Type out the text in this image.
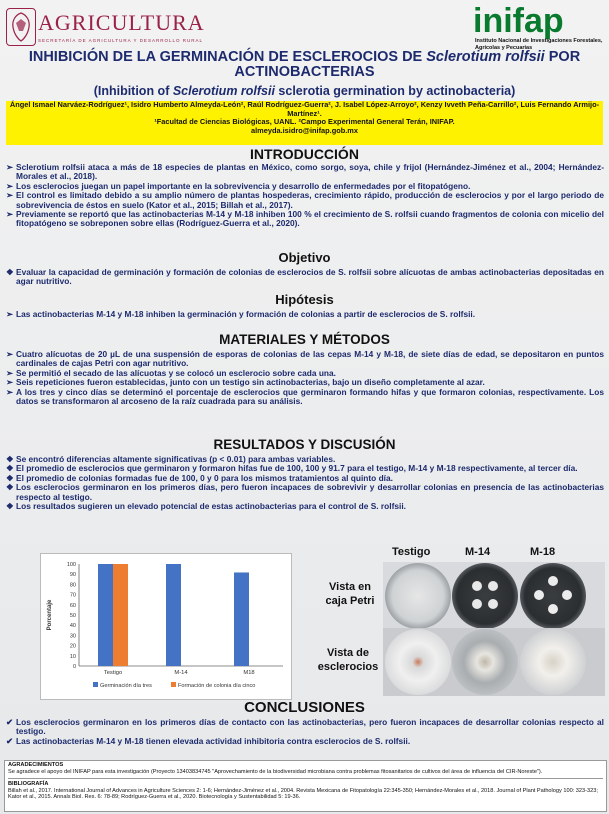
AGRICULTURA
SECRETARÍA DE AGRICULTURA Y DESARROLLO RURAL
inifap
Instituto Nacional de Investigaciones Forestales, Agrícolas y Pecuarias
INHIBICIÓN DE LA GERMINACIÓN DE ESCLEROCIOS DE Sclerotium rolfsii POR ACTINOBACTERIAS
(Inhibition of Sclerotium rolfsii sclerotia germination by actinobacteria)
Ángel Ismael Narváez-Rodríguez¹, Isidro Humberto Almeyda-León², Raúl Rodríguez-Guerra², J. Isabel López-Arroyo², Kenzy Ivveth Peña-Carrillo², Luis Fernando Armijo-Martínez¹.
¹Facultad de Ciencias Biológicas, UANL. ²Campo Experimental General Terán, INIFAP.
almeyda.isidro@inifap.gob.mx
INTRODUCCIÓN
➢ Sclerotium rolfsii ataca a más de 18 especies de plantas en México, como sorgo, soya, chile y frijol (Hernández-Jiménez et al., 2004; Hernández-Morales et al., 2018).
➢ Los esclerocios juegan un papel importante en la sobrevivencia y desarrollo de enfermedades por el fitopatógeno.
➢ El control es limitado debido a su amplio número de plantas hospederas, crecimiento rápido, producción de esclerocios y por el largo periodo de sobrevivencia de éstos en suelo (Kator et al., 2015; Billah et al., 2017).
➢ Previamente se reportó que las actinobacterias M-14 y M-18 inhiben 100 % el crecimiento de S. rolfsii cuando fragmentos de colonia con micelio del fitopatógeno se sobreponen sobre ellas (Rodríguez-Guerra et al., 2020).
Objetivo
❖ Evaluar la capacidad de germinación y formación de colonias de esclerocios de S. rolfsii sobre alícuotas de ambas actinobacterias depositadas en agar nutritivo.
Hipótesis
➢ Las actinobacterias M-14 y M-18 inhiben la germinación y formación de colonias a partir de esclerocios de S. rolfsii.
MATERIALES Y MÉTODOS
➢ Cuatro alícuotas de 20 µL de una suspensión de esporas de colonias de las cepas M-14 y M-18, de siete días de edad, se depositaron en puntos cardinales de cajas Petri con agar nutritivo.
➢ Se permitió el secado de las alícuotas y se colocó un esclerocio sobre cada una.
➢ Seis repeticiones fueron establecidas, junto con un testigo sin actinobacterias, bajo un diseño completamente al azar.
➢ A los tres y cinco días se determinó el porcentaje de esclerocios que germinaron formando hifas y que formaron colonias, respectivamente. Los datos se transformaron al arcoseno de la raíz cuadrada para su análisis.
RESULTADOS Y DISCUSIÓN
❖ Se encontró diferencias altamente significativas (p < 0.01) para ambas variables.
❖ El promedio de esclerocios que germinaron y formaron hifas fue de 100, 100 y 91.7 para el testigo, M-14 y M-18 respectivamente, al tercer día.
❖ El promedio de colonias formadas fue de 100, 0 y 0 para los mismos tratamientos al quinto día.
❖ Los esclerocios germinaron en los primeros días, pero fueron incapaces de sobrevivir y desarrollar colonias en presencia de las actinobacterias respecto al testigo.
❖ Los resultados sugieren un elevado potencial de estas actinobacterias para el control de S. rolfsii.
0
10
20
30
40
50
60
70
80
90
100
Porcentaje
Testigo	M-14	M18
Germinación día tres	Formación de colonia día cinco
Testigo	M-14	M-18
Vista en
caja Petri
Vista de
esclerocios
CONCLUSIONES
✔ Los esclerocios germinaron en los primeros días de contacto con las actinobacterias, pero fueron incapaces de desarrollar colonias respecto al testigo.
✔ Las actinobacterias M-14 y M-18 tienen elevada actividad inhibitoria contra esclerocios de S. rolfsii.
AGRADECIMIENTOS
Se agradece el apoyo del INIFAP para esta investigación (Proyecto 13403834745 "Aprovechamiento de la biodiversidad microbiana contra problemas fitosanitarios de cultivos del área de influencia del CIR-Noreste").
BIBLIOGRAFÍA
Billah et al., 2017. International Journal of Advances in Agriculture Sciences 2: 1-6; Hernández-Jiménez et al., 2004. Revista Mexicana de Fitopatología 22:345-350; Hernández-Morales et al., 2018. Journal of Plant Pathology 100: 323-323; Kator et al., 2015. Annals Biol. Res. 6: 78-89; Rodríguez-Guerra et al., 2020. Biotecnología y Sustentabilidad 5: 19-36.
